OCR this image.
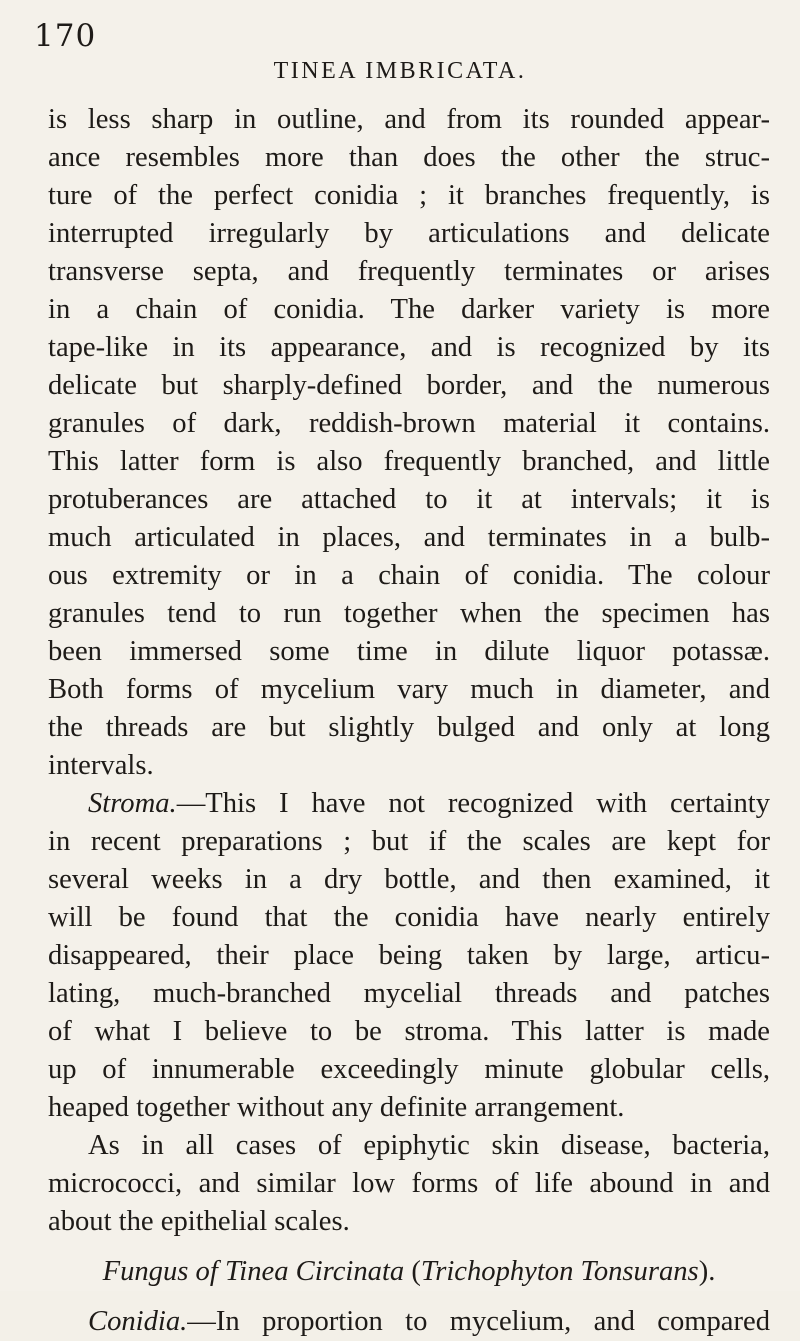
170
TINEA IMBRICATA.
is less sharp in outline, and from its rounded appear-
ance resembles more than does the other the struc-
ture of the perfect conidia ; it branches frequently, is
interrupted irregularly by articulations and delicate
transverse septa, and frequently terminates or arises
in a chain of conidia. The darker variety is more
tape-like in its appearance, and is recognized by its
delicate but sharply-defined border, and the numerous
granules of dark, reddish-brown material it contains.
This latter form is also frequently branched, and little
protuberances are attached to it at intervals; it is
much articulated in places, and terminates in a bulb-
ous extremity or in a chain of conidia. The colour
granules tend to run together when the specimen has
been immersed some time in dilute liquor potassæ.
Both forms of mycelium vary much in diameter, and
the threads are but slightly bulged and only at long
intervals.
Stroma.—This I have not recognized with certainty
in recent preparations ; but if the scales are kept for
several weeks in a dry bottle, and then examined, it
will be found that the conidia have nearly entirely
disappeared, their place being taken by large, articu-
lating, much-branched mycelial threads and patches
of what I believe to be stroma. This latter is made
up of innumerable exceedingly minute globular cells,
heaped together without any definite arrangement.
As in all cases of epiphytic skin disease, bacteria,
micrococci, and similar low forms of life abound in and
about the epithelial scales.
Fungus of Tinea Circinata (Trichophyton Tonsurans).
Conidia.—In proportion to mycelium, and compared
